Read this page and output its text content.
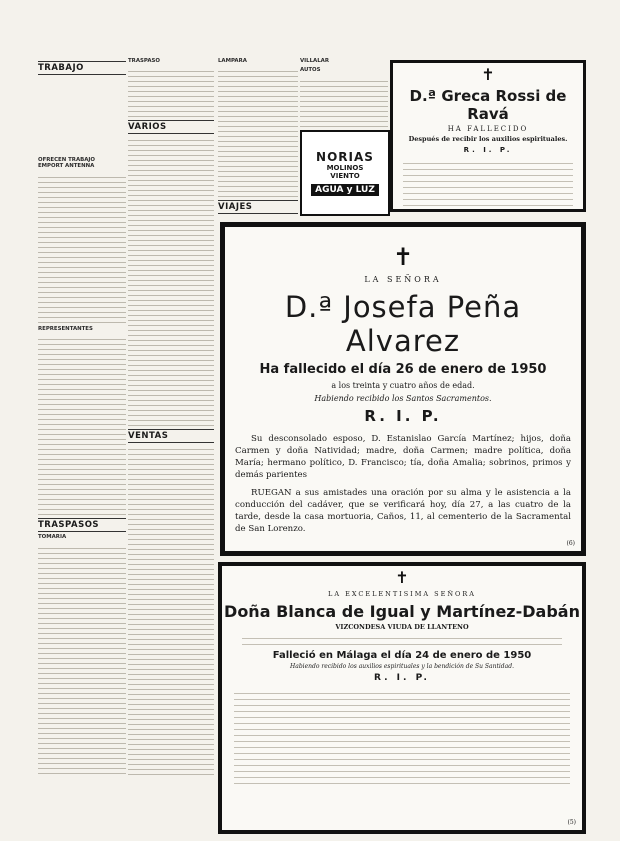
TRABAJO

OFRECEN TRABAJO
EMPORT ANTENNA
REPRESENTANTES
TRASPASOS
TOMARIA
TRASPASO
VARIOS
VENTAS
LAMPARA
VIAJES
VILLALAR
AUTOS
NORIAS
MOLINOS
VIENTO
AGUA y LUZ
✝
D.ª Greca Rossi de Ravá
HA FALLECIDO
Después de recibir los auxilios espirituales.
R. I. P.
✝
LA SEÑORA
D.ª Josefa Peña Alvarez
Ha fallecido el día 26 de enero de 1950
a los treinta y cuatro años de edad.
Habiendo recibido los Santos Sacramentos.
R. I. P.
Su desconsolado esposo, D. Estanislao García Martínez; hijos, doña Carmen y doña Natividad; madre, doña Carmen; madre política, doña María; hermano político, D. Francisco; tía, doña Amalia; sobrinos, primos y demás parientes
RUEGAN a sus amistades una oración por su alma y le asistencia a la conducción del cadáver, que se verificará hoy, día 27, a las cuatro de la tarde, desde la casa mortuoria, Caños, 11, al cementerio de la Sacramental de San Lorenzo.
(6)
✝
LA EXCELENTISIMA SEÑORA
Doña Blanca de Igual y Martínez-Dabán
VIZCONDESA VIUDA DE LLANTENO
Falleció en Málaga el día 24 de enero de 1950
Habiendo recibido los auxilios espirituales y la bendición de Su Santidad.
R. I. P.
(5)
